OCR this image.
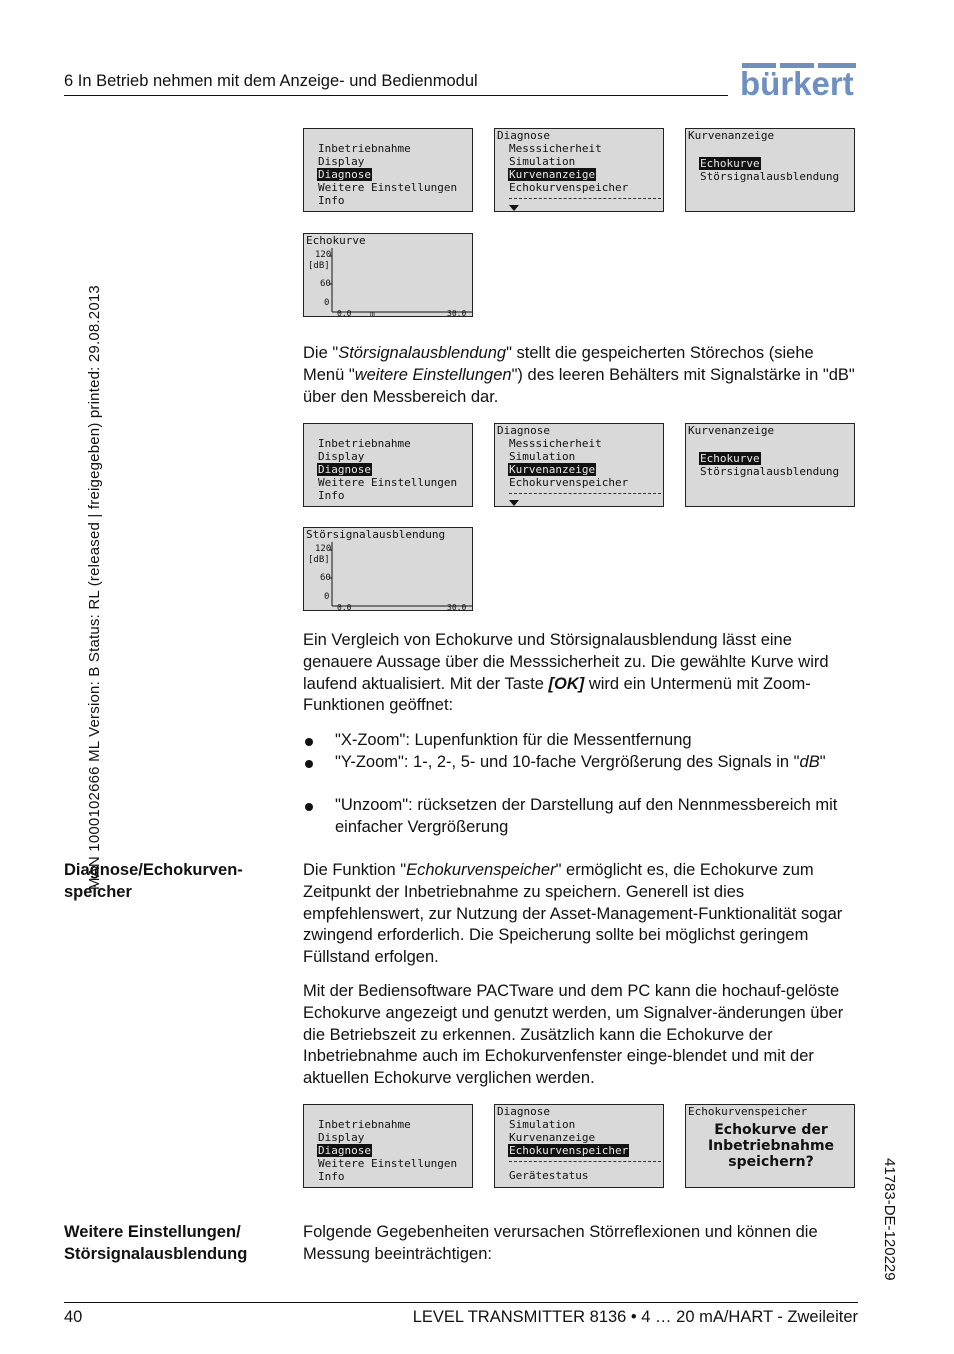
6 In Betrieb nehmen mit dem Anzeige- und Bedienmodul	bürkert
MAN 1000102666 ML Version: B Status: RL (released | freigegeben) printed: 29.08.2013
41783-DE-120229
Inbetriebnahme
Display
Diagnose
Weitere Einstellungen
Info
Diagnose
Messsicherheit
Simulation
Kurvenanzeige
Echokurvenspeicher
Kurvenanzeige
Echokurve
Störsignalausblendung
Echokurve
120
[dB]
60
0
0.0 m	30.0

Die "Störsignalausblendung" stellt die gespeicherten Störechos (siehe Menü "weitere Einstellungen") des leeren Behälters mit Signalstärke in "dB" über den Messbereich dar.

Inbetriebnahme
Display
Diagnose
Weitere Einstellungen
Info
Diagnose
Messsicherheit
Simulation
Kurvenanzeige
Echokurvenspeicher
Kurvenanzeige
Echokurve
Störsignalausblendung
Störsignalausblendung
120
[dB]
60
0
0.0	30.0

Ein Vergleich von Echokurve und Störsignalausblendung lässt eine genauere Aussage über die Messsicherheit zu. Die gewählte Kurve wird laufend aktualisiert. Mit der Taste [OK] wird ein Untermenü mit Zoom-Funktionen geöffnet:

"X-Zoom": Lupenfunktion für die Messentfernung
"Y-Zoom": 1-, 2-, 5- und 10-fache Vergrößerung des Signals in "dB"
"Unzoom": rücksetzen der Darstellung auf den Nennmessbereich mit einfacher Vergrößerung
Diagnose/Echokurven-speicher

Die Funktion "Echokurvenspeicher" ermöglicht es, die Echokurve zum Zeitpunkt der Inbetriebnahme zu speichern. Generell ist dies empfehlenswert, zur Nutzung der Asset-Management-Funktionalität sogar zwingend erforderlich. Die Speicherung sollte bei möglichst geringem Füllstand erfolgen.

Mit der Bediensoftware PACTware und dem PC kann die hochauf-gelöste Echokurve angezeigt und genutzt werden, um Signalver-änderungen über die Betriebszeit zu erkennen. Zusätzlich kann die Echokurve der Inbetriebnahme auch im Echokurvenfenster einge-blendet und mit der aktuellen Echokurve verglichen werden.

Inbetriebnahme
Display
Diagnose
Weitere Einstellungen
Info
Diagnose
Simulation
Kurvenanzeige
Echokurvenspeicher
Gerätestatus
Echokurvenspeicher
Echokurve der
Inbetriebnahme
speichern?
Weitere Einstellungen/ Störsignalausblendung

Folgende Gegebenheiten verursachen Störreflexionen und können die Messung beeinträchtigen:

40	LEVEL TRANSMITTER 8136 • 4 … 20 mA/HART - Zweileiter
